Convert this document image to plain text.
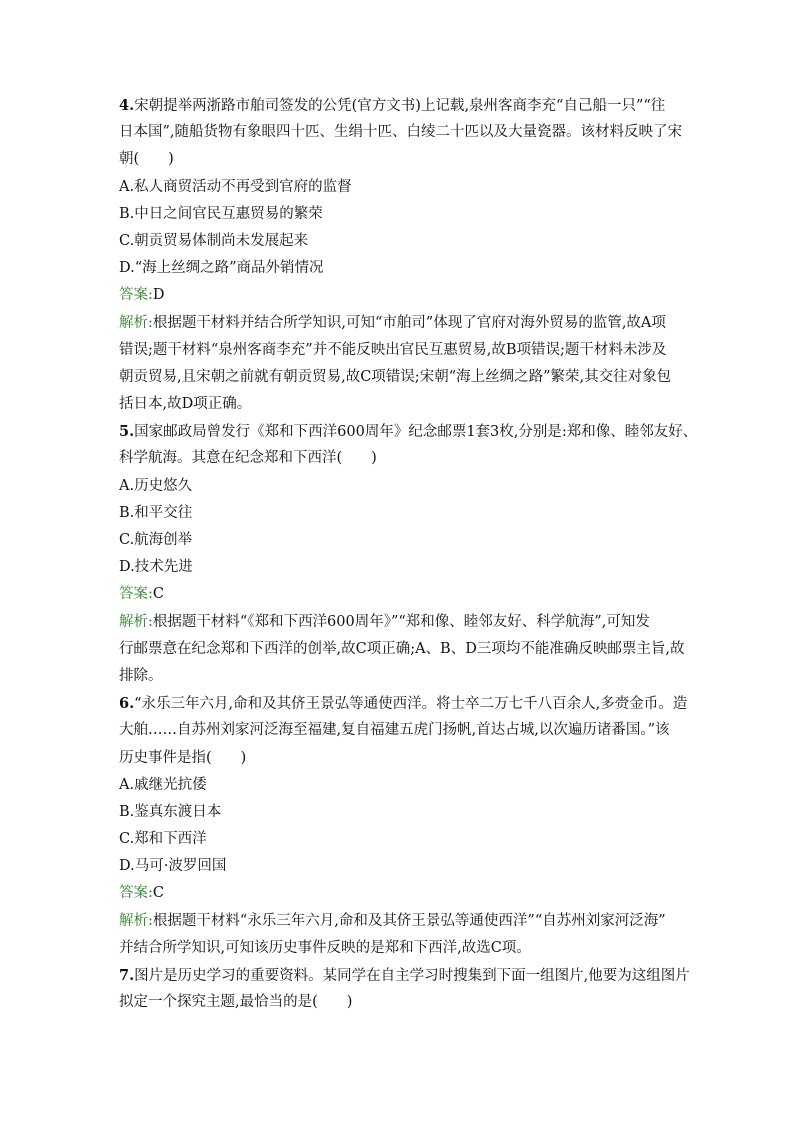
4.宋朝提举两浙路市舶司签发的公凭(官方文书)上记载,泉州客商李充“自己船一只”“往
日本国”,随船货物有象眼四十匹、生绢十匹、白绫二十匹以及大量瓷器。该材料反映了宋
朝(　　)
A.私人商贸活动不再受到官府的监督
B.中日之间官民互惠贸易的繁荣
C.朝贡贸易体制尚未发展起来
D.“海上丝绸之路”商品外销情况
答案:D
解析:根据题干材料并结合所学知识,可知“市舶司”体现了官府对海外贸易的监管,故A项
错误;题干材料“泉州客商李充”并不能反映出官民互惠贸易,故B项错误;题干材料未涉及
朝贡贸易,且宋朝之前就有朝贡贸易,故C项错误;宋朝“海上丝绸之路”繁荣,其交往对象包
括日本,故D项正确。
5.国家邮政局曾发行《郑和下西洋600周年》纪念邮票1套3枚,分别是:郑和像、睦邻友好、
科学航海。其意在纪念郑和下西洋(　　)
A.历史悠久
B.和平交往
C.航海创举
D.技术先进
答案:C
解析:根据题干材料“《郑和下西洋600周年》”“郑和像、睦邻友好、科学航海”,可知发
行邮票意在纪念郑和下西洋的创举,故C项正确;A、B、D三项均不能准确反映邮票主旨,故
排除。
6.“永乐三年六月,命和及其侪王景弘等通使西洋。将士卒二万七千八百余人,多赍金币。造
大舶……自苏州刘家河泛海至福建,复自福建五虎门扬帆,首达占城,以次遍历诸番国。”该
历史事件是指(　　)
A.戚继光抗倭
B.鉴真东渡日本
C.郑和下西洋
D.马可·波罗回国
答案:C
解析:根据题干材料“永乐三年六月,命和及其侪王景弘等通使西洋”“自苏州刘家河泛海”
并结合所学知识,可知该历史事件反映的是郑和下西洋,故选C项。
7.图片是历史学习的重要资料。某同学在自主学习时搜集到下面一组图片,他要为这组图片
拟定一个探究主题,最恰当的是(　　)
